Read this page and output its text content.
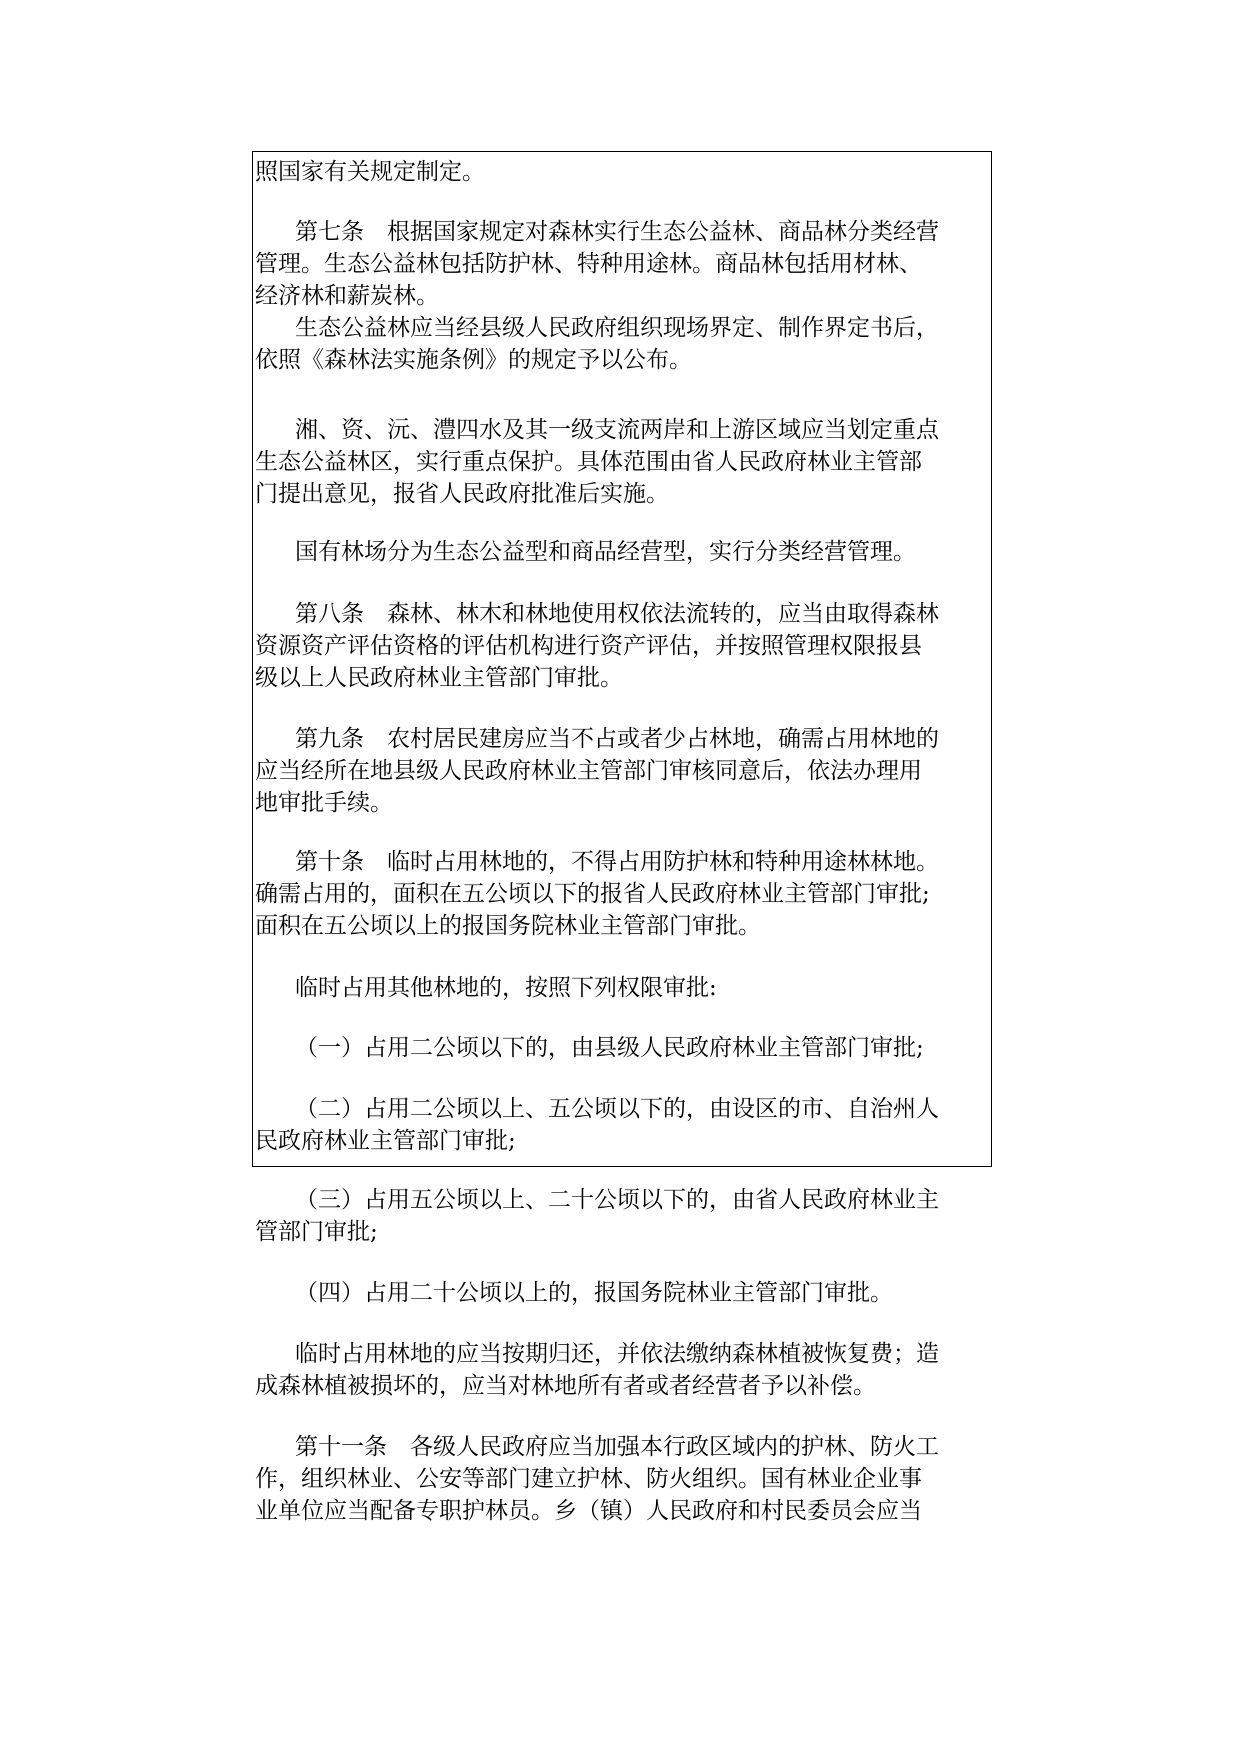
照国家有关规定制定。
第七条　根据国家规定对森林实行生态公益林、商品林分类经营
管理。生态公益林包括防护林、特种用途林。商品林包括用材林、
经济林和薪炭林。
生态公益林应当经县级人民政府组织现场界定、制作界定书后，
依照《森林法实施条例》的规定予以公布。
湘、资、沅、澧四水及其一级支流两岸和上游区域应当划定重点
生态公益林区，实行重点保护。具体范围由省人民政府林业主管部
门提出意见，报省人民政府批准后实施。
国有林场分为生态公益型和商品经营型，实行分类经营管理。
第八条　森林、林木和林地使用权依法流转的，应当由取得森林
资源资产评估资格的评估机构进行资产评估，并按照管理权限报县
级以上人民政府林业主管部门审批。
第九条　农村居民建房应当不占或者少占林地，确需占用林地的
应当经所在地县级人民政府林业主管部门审核同意后，依法办理用
地审批手续。
第十条　临时占用林地的，不得占用防护林和特种用途林林地。
确需占用的，面积在五公顷以下的报省人民政府林业主管部门审批;
面积在五公顷以上的报国务院林业主管部门审批。
临时占用其他林地的，按照下列权限审批:
（一）占用二公顷以下的，由县级人民政府林业主管部门审批;
（二）占用二公顷以上、五公顷以下的，由设区的市、自治州人
民政府林业主管部门审批;
（三）占用五公顷以上、二十公顷以下的，由省人民政府林业主
管部门审批;
（四）占用二十公顷以上的，报国务院林业主管部门审批。
临时占用林地的应当按期归还，并依法缴纳森林植被恢复费；造
成森林植被损坏的，应当对林地所有者或者经营者予以补偿。
第十一条　各级人民政府应当加强本行政区域内的护林、防火工
作，组织林业、公安等部门建立护林、防火组织。国有林业企业事
业单位应当配备专职护林员。乡（镇）人民政府和村民委员会应当
